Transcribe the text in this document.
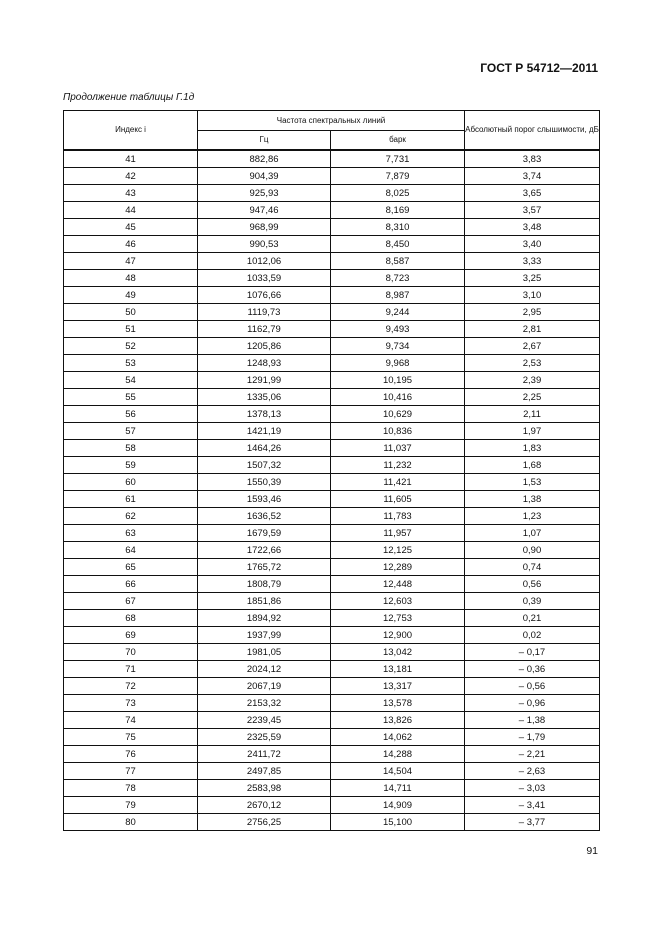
ГОСТ Р 54712—2011
Продолжение таблицы Г.1д
Индекс i	Частота спектральных линий		Абсолютный порог слышимости, дБ
	Гц	барк	
41	882,86	7,731	3,83
42	904,39	7,879	3,74
43	925,93	8,025	3,65
44	947,46	8,169	3,57
45	968,99	8,310	3,48
46	990,53	8,450	3,40
47	1012,06	8,587	3,33
48	1033,59	8,723	3,25
49	1076,66	8,987	3,10
50	1119,73	9,244	2,95
51	1162,79	9,493	2,81
52	1205,86	9,734	2,67
53	1248,93	9,968	2,53
54	1291,99	10,195	2,39
55	1335,06	10,416	2,25
56	1378,13	10,629	2,11
57	1421,19	10,836	1,97
58	1464,26	11,037	1,83
59	1507,32	11,232	1,68
60	1550,39	11,421	1,53
61	1593,46	11,605	1,38
62	1636,52	11,783	1,23
63	1679,59	11,957	1,07
64	1722,66	12,125	0,90
65	1765,72	12,289	0,74
66	1808,79	12,448	0,56
67	1851,86	12,603	0,39
68	1894,92	12,753	0,21
69	1937,99	12,900	0,02
70	1981,05	13,042	– 0,17
71	2024,12	13,181	– 0,36
72	2067,19	13,317	– 0,56
73	2153,32	13,578	– 0,96
74	2239,45	13,826	– 1,38
75	2325,59	14,062	– 1,79
76	2411,72	14,288	– 2,21
77	2497,85	14,504	– 2,63
78	2583,98	14,711	– 3,03
79	2670,12	14,909	– 3,41
80	2756,25	15,100	– 3,77
91
